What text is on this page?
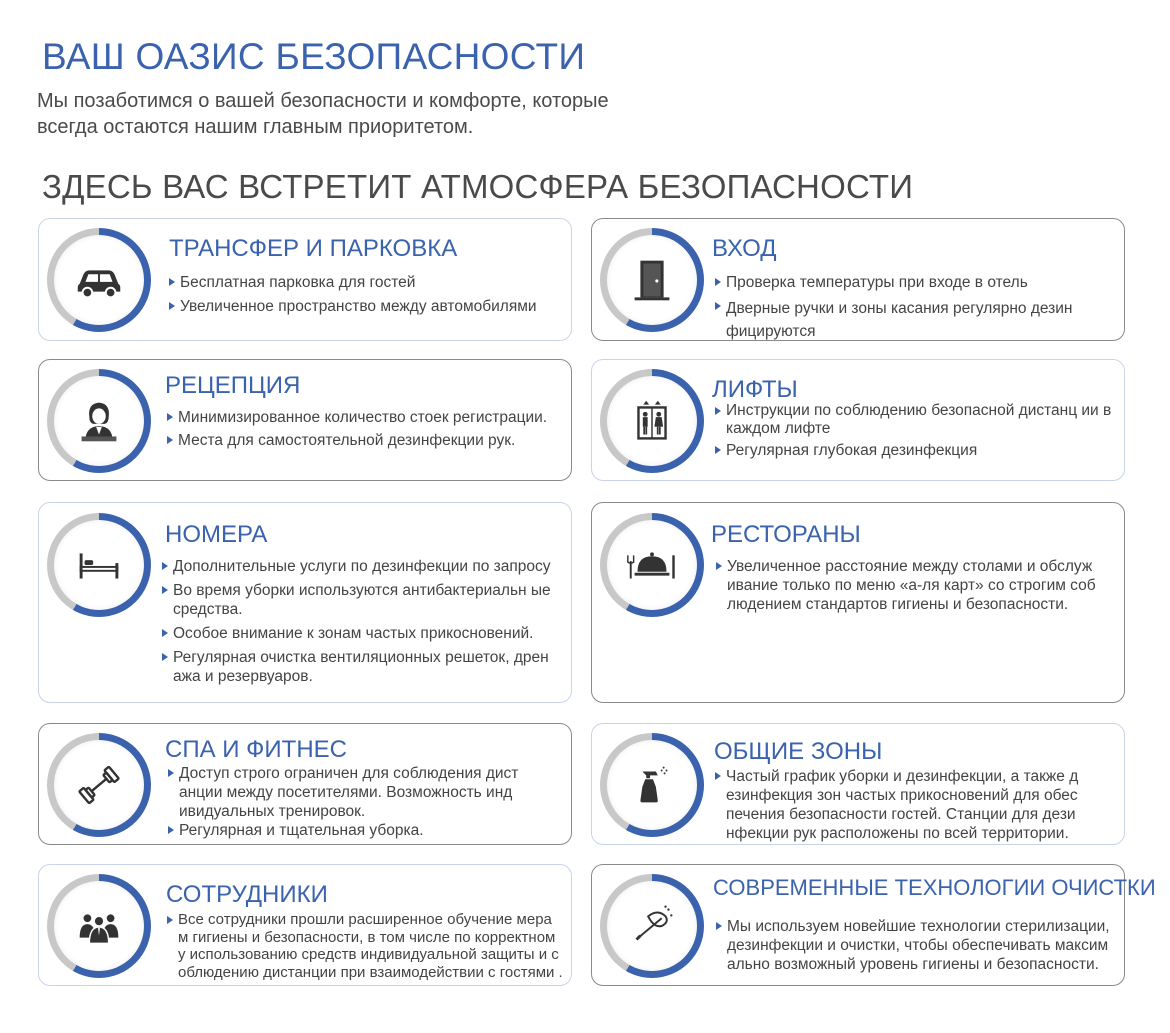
ВАШ ОАЗИС БЕЗОПАСНОСТИ

Мы позаботимся о вашей безопасности и комфорте, которые
всегда остаются нашим главным приоритетом.

ЗДЕСЬ ВАС ВСТРЕТИТ АТМОСФЕРА БЕЗОПАСНОСТИ
ТРАНСФЕР И ПАРКОВКА
Бесплатная парковка для гостей
Увеличенное пространство между автомобилями
ВХОД
Проверка температуры при входе в отель
Дверные ручки и зоны касания регулярно дезин фицируются
РЕЦЕПЦИЯ
Минимизированное количество стоек регистрации.
Места для самостоятельной дезинфекции рук.
ЛИФТЫ
Инструкции по соблюдению безопасной дистанц ии в каждом лифте
Регулярная глубокая дезинфекция
НОМЕРА
Дополнительные услуги по дезинфекции по запросу
Во время уборки используются антибактериальн ые средства.
Особое внимание к зонам частых прикосновений.
Регулярная очистка вентиляционных решеток, дрен ажа и резервуаров.
РЕСТОРАНЫ
Увеличенное расстояние между столами и обслуж ивание только по меню «а-ля карт» со строгим соб людением стандартов гигиены и безопасности.
СПА И ФИТНЕС
Доступ строго ограничен для соблюдения дист анции между посетителями. Возможность инд ивидуальных тренировок.
Регулярная и тщательная уборка.
ОБЩИЕ ЗОНЫ
Частый график уборки и дезинфекции, а также д езинфекция зон частых прикосновений для обес печения безопасности гостей. Станции для дези нфекции рук расположены по всей территории.
СОТРУДНИКИ
Все сотрудники прошли расширенное обучение мера м гигиены и безопасности, в том числе по корректном у использованию средств индивидуальной защиты и с облюдению дистанции при взаимодействии с гостями .
СОВРЕМЕННЫЕ ТЕХНОЛОГИИ ОЧИСТКИ
Мы используем новейшие технологии стерилизации, дезинфекции и очистки, чтобы обеспечивать максим ально возможный уровень гигиены и безопасности.
